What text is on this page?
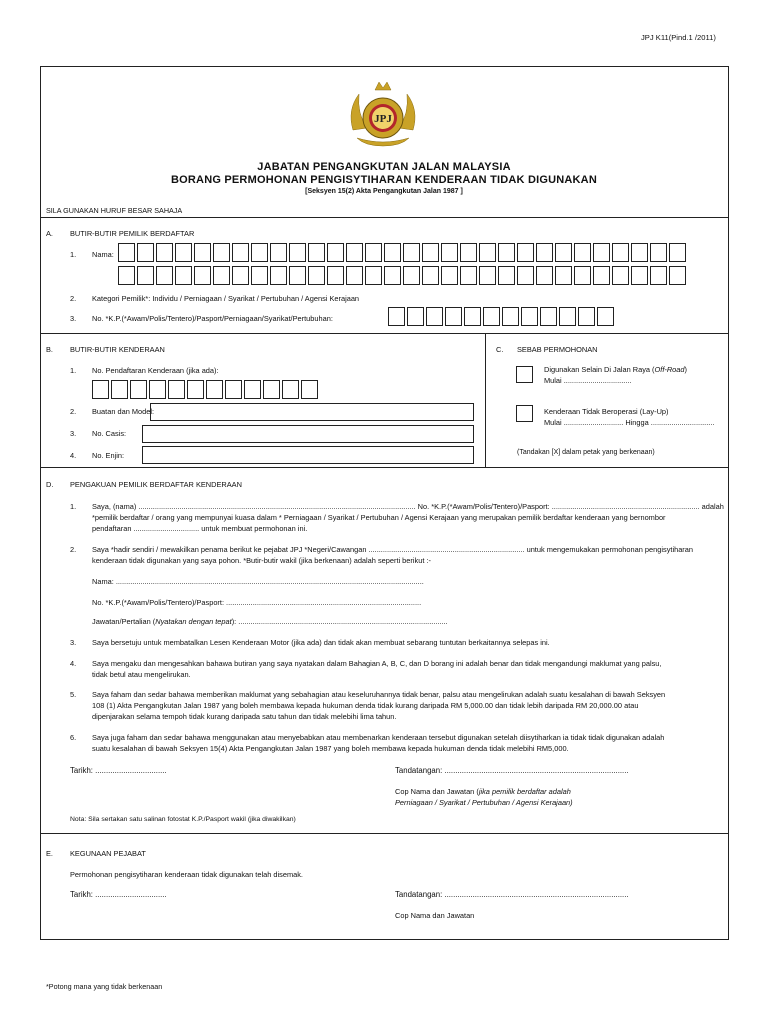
JPJ K11(Pind.1 /2011)
JPJ
JABATAN PENGANGKUTAN JALAN MALAYSIA
BORANG PERMOHONAN PENGISYTIHARAN KENDERAAN TIDAK DIGUNAKAN
[Seksyen 15(2) Akta Pengangkutan Jalan 1987 ]
SILA GUNAKAN HURUF BESAR SAHAJA
A. BUTIR-BUTIR PEMILIK BERDAFTAR
1. Nama:
2. Kategori Pemilik*: Individu / Perniagaan / Syarikat / Pertubuhan / Agensi Kerajaan
3. No. *K.P.(*Awam/Polis/Tentero)/Pasport/Perniagaan/Syarikat/Pertubuhan:
B. BUTIR-BUTIR KENDERAAN
1. No. Pendaftaran Kenderaan (jika ada):
2. Buatan dan Model:
3. No. Casis:
4. No. Enjin:
C. SEBAB PERMOHONAN
Digunakan Selain Di Jalan Raya (Off-Road)
Mulai .................................
Kenderaan Tidak Beroperasi (Lay-Up)
Mulai ............................. Hingga ...............................
(Tandakan [X] dalam petak yang berkenaan)
D. PENGAKUAN PEMILIK BERDAFTAR KENDERAAN
1. Saya, (nama) ....................................................................................................................................... No. *K.P.(*Awam/Polis/Tentero)/Pasport: ........................................................................ adalah
*pemilik berdaftar / orang yang mempunyai kuasa dalam * Perniagaan / Syarikat / Pertubuhan / Agensi Kerajaan yang merupakan pemilik berdaftar kenderaan yang bernombor
pendaftaran ................................ untuk membuat permohonan ini.
2. Saya *hadir sendiri / mewakilkan penama berikut ke pejabat JPJ *Negeri/Cawangan ............................................................................ untuk mengemukakan permohonan pengisytiharan
kenderaan tidak digunakan yang saya pohon. *Butir-butir wakil (jika berkenaan) adalah seperti berikut :-
Nama: ......................................................................................................................................................
No. *K.P.(*Awam/Polis/Tentero)/Pasport: ...............................................................................................
Jawatan/Pertalian (Nyatakan dengan tepat): ......................................................................................................
3. Saya bersetuju untuk membatalkan Lesen Kenderaan Motor (jika ada) dan tidak akan membuat sebarang tuntutan berkaitannya selepas ini.
4. Saya mengaku dan mengesahkan bahawa butiran yang saya nyatakan dalam Bahagian A, B, C, dan D borang ini adalah benar dan tidak mengandungi maklumat yang palsu,
tidak betul atau mengelirukan.
5. Saya faham dan sedar bahawa memberikan maklumat yang sebahagian atau keseluruhannya tidak benar, palsu atau mengelirukan adalah suatu kesalahan di bawah Seksyen
108 (1) Akta Pengangkutan Jalan 1987 yang boleh membawa kepada hukuman denda tidak kurang daripada RM 5,000.00 dan tidak lebih daripada RM 20,000.00 atau
dipenjarakan selama tempoh tidak kurang daripada satu tahun dan tidak melebihi lima tahun.
6. Saya juga faham dan sedar bahawa menggunakan atau menyebabkan atau membenarkan kenderaan tersebut digunakan setelah diisytiharkan ia tidak tidak digunakan adalah
suatu kesalahan di bawah Seksyen 15(4) Akta Pengangkutan Jalan 1987 yang boleh membawa kepada hukuman denda tidak melebihi RM5,000.
Tarikh: .................................	Tandatangan: .....................................................................................
Cop Nama dan Jawatan (jika pemilik berdaftar adalah
Perniagaan / Syarikat / Pertubuhan / Agensi Kerajaan)
Nota: Sila sertakan satu salinan fotostat K.P./Pasport wakil (jika diwakilkan)
E. KEGUNAAN PEJABAT
Permohonan pengisytiharan kenderaan tidak digunakan telah disemak.
Tarikh: .................................	Tandatangan: .....................................................................................
Cop Nama dan Jawatan
*Potong mana yang tidak berkenaan
